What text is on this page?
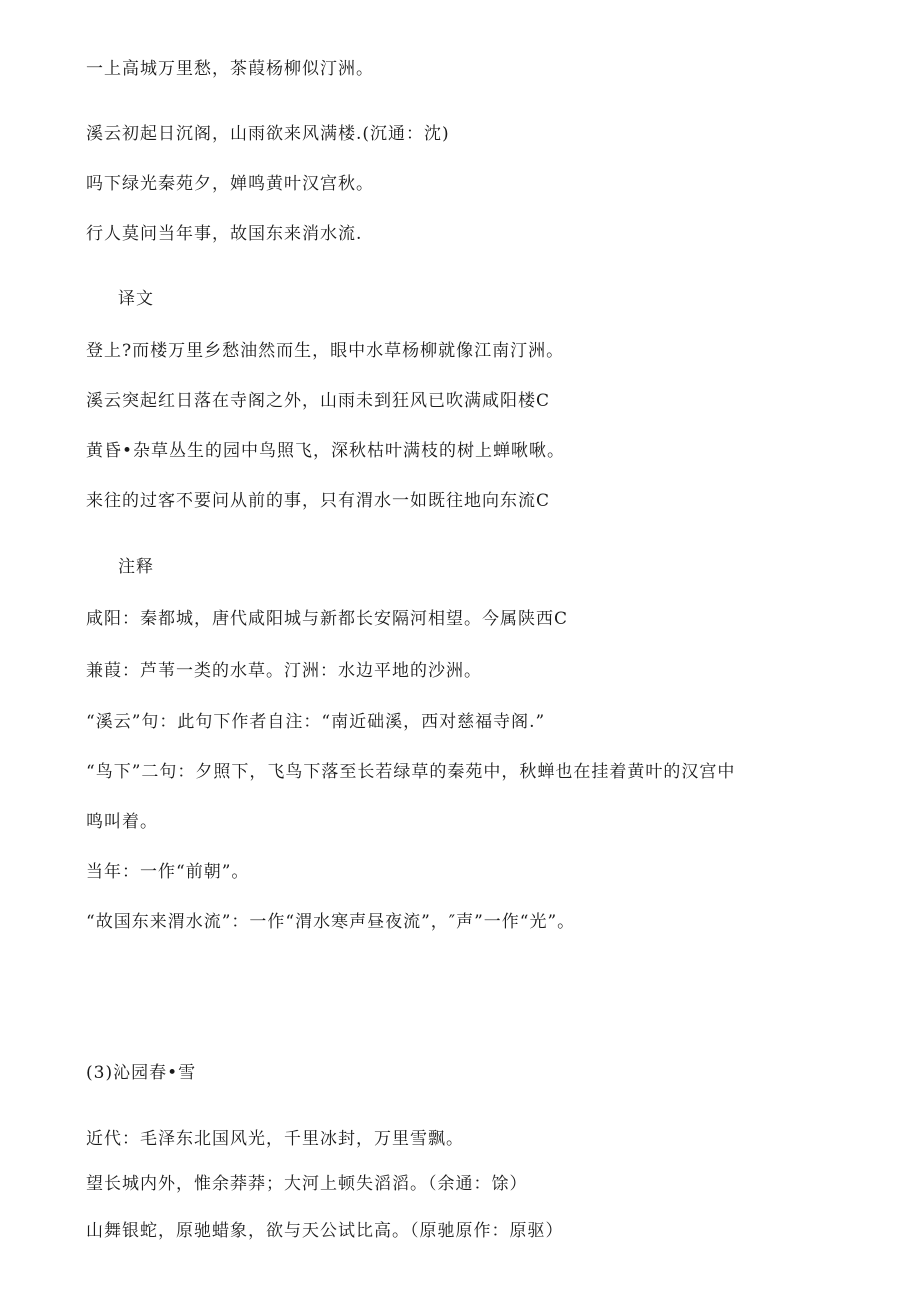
一上高城万里愁，茶葭杨柳似汀洲。
溪云初起日沉阁，山雨欲来风满楼.(沉通：沈)
吗下绿光秦苑夕，婵鸣黄叶汉宫秋。
行人莫问当年事，故国东来消水流.
译文
登上?而楼万里乡愁油然而生，眼中水草杨柳就像江南汀洲。
溪云突起红日落在寺阁之外，山雨未到狂风已吹满咸阳楼C
黄昏•杂草丛生的园中鸟照飞，深秋枯叶满枝的树上蝉啾啾。
来往的过客不要问从前的事，只有渭水一如既往地向东流C
注释
咸阳：秦都城，唐代咸阳城与新都长安隔河相望。今属陕西C
兼葭：芦苇一类的水草。汀洲：水边平地的沙洲。
“溪云”句：此句下作者自注：“南近础溪，西对慈福寺阁.”
“鸟下”二句：夕照下，飞鸟下落至长若绿草的秦苑中，秋蝉也在挂着黄叶的汉宫中
鸣叫着。
当年：一作“前朝”。
“故国东来渭水流”：一作“渭水寒声昼夜流”，″声”一作“光”。
(3)沁园春•雪
近代：毛泽东北国风光，千里冰封，万里雪飘。
望长城内外，惟余莽莽；大河上顿失滔滔。（余通：馀）
山舞银蛇，原驰蜡象，欲与天公试比高。（原驰原作：原驱）
